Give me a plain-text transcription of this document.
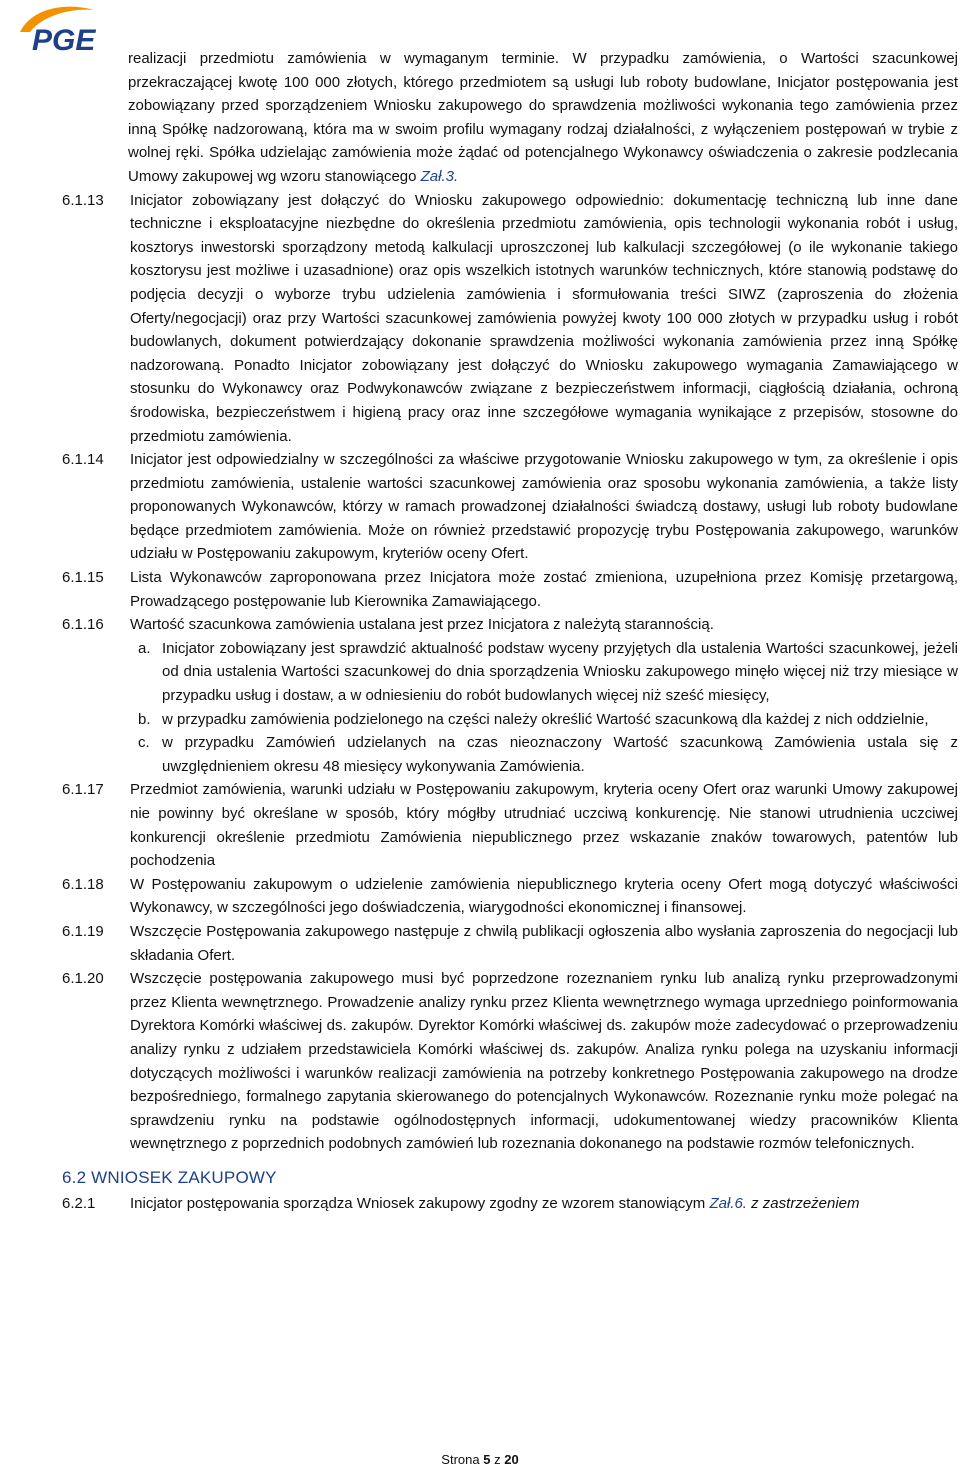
PGE

realizacji przedmiotu zamówienia w wymaganym terminie. W przypadku zamówienia, o Wartości szacunkowej przekraczającej kwotę 100 000 złotych, którego przedmiotem są usługi lub roboty budowlane, Inicjator postępowania jest zobowiązany przed sporządzeniem Wniosku zakupowego do sprawdzenia możliwości wykonania tego zamówienia przez inną Spółkę nadzorowaną, która ma w swoim profilu wymagany rodzaj działalności, z wyłączeniem postępowań w trybie z wolnej ręki. Spółka udzielając zamówienia może żądać od potencjalnego Wykonawcy oświadczenia o zakresie podzlecania Umowy zakupowej wg wzoru stanowiącego Zał.3.

6.1.13	Inicjator zobowiązany jest dołączyć do Wniosku zakupowego odpowiednio: dokumentację techniczną lub inne dane techniczne i eksploatacyjne niezbędne do określenia przedmiotu zamówienia, opis technologii wykonania robót i usług, kosztorys inwestorski sporządzony metodą kalkulacji uproszczonej lub kalkulacji szczegółowej (o ile wykonanie takiego kosztorysu jest możliwe i uzasadnione) oraz opis wszelkich istotnych warunków technicznych, które stanowią podstawę do podjęcia decyzji o wyborze trybu udzielenia zamówienia i sformułowania treści SIWZ (zaproszenia do złożenia Oferty/negocjacji) oraz przy Wartości szacunkowej zamówienia powyżej kwoty 100 000 złotych w przypadku usług i robót budowlanych, dokument potwierdzający dokonanie sprawdzenia możliwości wykonania zamówienia przez inną Spółkę nadzorowaną. Ponadto Inicjator zobowiązany jest dołączyć do Wniosku zakupowego wymagania Zamawiającego w stosunku do Wykonawcy oraz Podwykonawców związane z bezpieczeństwem informacji, ciągłością działania, ochroną środowiska, bezpieczeństwem i higieną pracy oraz inne szczegółowe wymagania wynikające z przepisów, stosowne do przedmiotu zamówienia.

6.1.14	Inicjator jest odpowiedzialny w szczególności za właściwe przygotowanie Wniosku zakupowego w tym, za określenie i opis przedmiotu zamówienia, ustalenie wartości szacunkowej zamówienia oraz sposobu wykonania zamówienia, a także listy proponowanych Wykonawców, którzy w ramach prowadzonej działalności świadczą dostawy, usługi lub roboty budowlane będące przedmiotem zamówienia. Może on również przedstawić propozycję trybu Postępowania zakupowego, warunków udziału w Postępowaniu zakupowym, kryteriów oceny Ofert.

6.1.15	Lista Wykonawców zaproponowana przez Inicjatora może zostać zmieniona, uzupełniona przez Komisję przetargową, Prowadzącego postępowanie lub Kierownika Zamawiającego.

6.1.16	Wartość szacunkowa zamówienia ustalana jest przez Inicjatora z należytą starannością.

a. Inicjator zobowiązany jest sprawdzić aktualność podstaw wyceny przyjętych dla ustalenia Wartości szacunkowej, jeżeli od dnia ustalenia Wartości szacunkowej do dnia sporządzenia Wniosku zakupowego minęło więcej niż trzy miesiące w przypadku usług i dostaw, a w odniesieniu do robót budowlanych więcej niż sześć miesięcy,
b. w przypadku zamówienia podzielonego na części należy określić Wartość szacunkową dla każdej z nich oddzielnie,
c. w przypadku Zamówień udzielanych na czas nieoznaczony Wartość szacunkową Zamówienia ustala się z uwzględnieniem okresu 48 miesięcy wykonywania Zamówienia.
6.1.17	Przedmiot zamówienia, warunki udziału w Postępowaniu zakupowym, kryteria oceny Ofert oraz warunki Umowy zakupowej nie powinny być określane w sposób, który mógłby utrudniać uczciwą konkurencję. Nie stanowi utrudnienia uczciwej konkurencji określenie przedmiotu Zamówienia niepublicznego przez wskazanie znaków towarowych, patentów lub pochodzenia

6.1.18	W Postępowaniu zakupowym o udzielenie zamówienia niepublicznego kryteria oceny Ofert mogą dotyczyć właściwości Wykonawcy, w szczególności jego doświadczenia, wiarygodności ekonomicznej i finansowej.

6.1.19	Wszczęcie Postępowania zakupowego następuje z chwilą publikacji ogłoszenia albo wysłania zaproszenia do negocjacji lub składania Ofert.

6.1.20	Wszczęcie postępowania zakupowego musi być poprzedzone rozeznaniem rynku lub analizą rynku przeprowadzonymi przez Klienta wewnętrznego. Prowadzenie analizy rynku przez Klienta wewnętrznego wymaga uprzedniego poinformowania Dyrektora Komórki właściwej ds. zakupów. Dyrektor Komórki właściwej ds. zakupów może zadecydować o przeprowadzeniu analizy rynku z udziałem przedstawiciela Komórki właściwej ds. zakupów. Analiza rynku polega na uzyskaniu informacji dotyczących możliwości i warunków realizacji zamówienia na potrzeby konkretnego Postępowania zakupowego na drodze bezpośredniego, formalnego zapytania skierowanego do potencjalnych Wykonawców. Rozeznanie rynku może polegać na sprawdzeniu rynku na podstawie ogólnodostępnych informacji, udokumentowanej wiedzy pracowników Klienta wewnętrznego z poprzednich podobnych zamówień lub rozeznania dokonanego na podstawie rozmów telefonicznych.

6.2 WNIOSEK ZAKUPOWY
6.2.1	Inicjator postępowania sporządza Wniosek zakupowy zgodny ze wzorem stanowiącym Zał.6. z zastrzeżeniem

Strona 5 z 20
